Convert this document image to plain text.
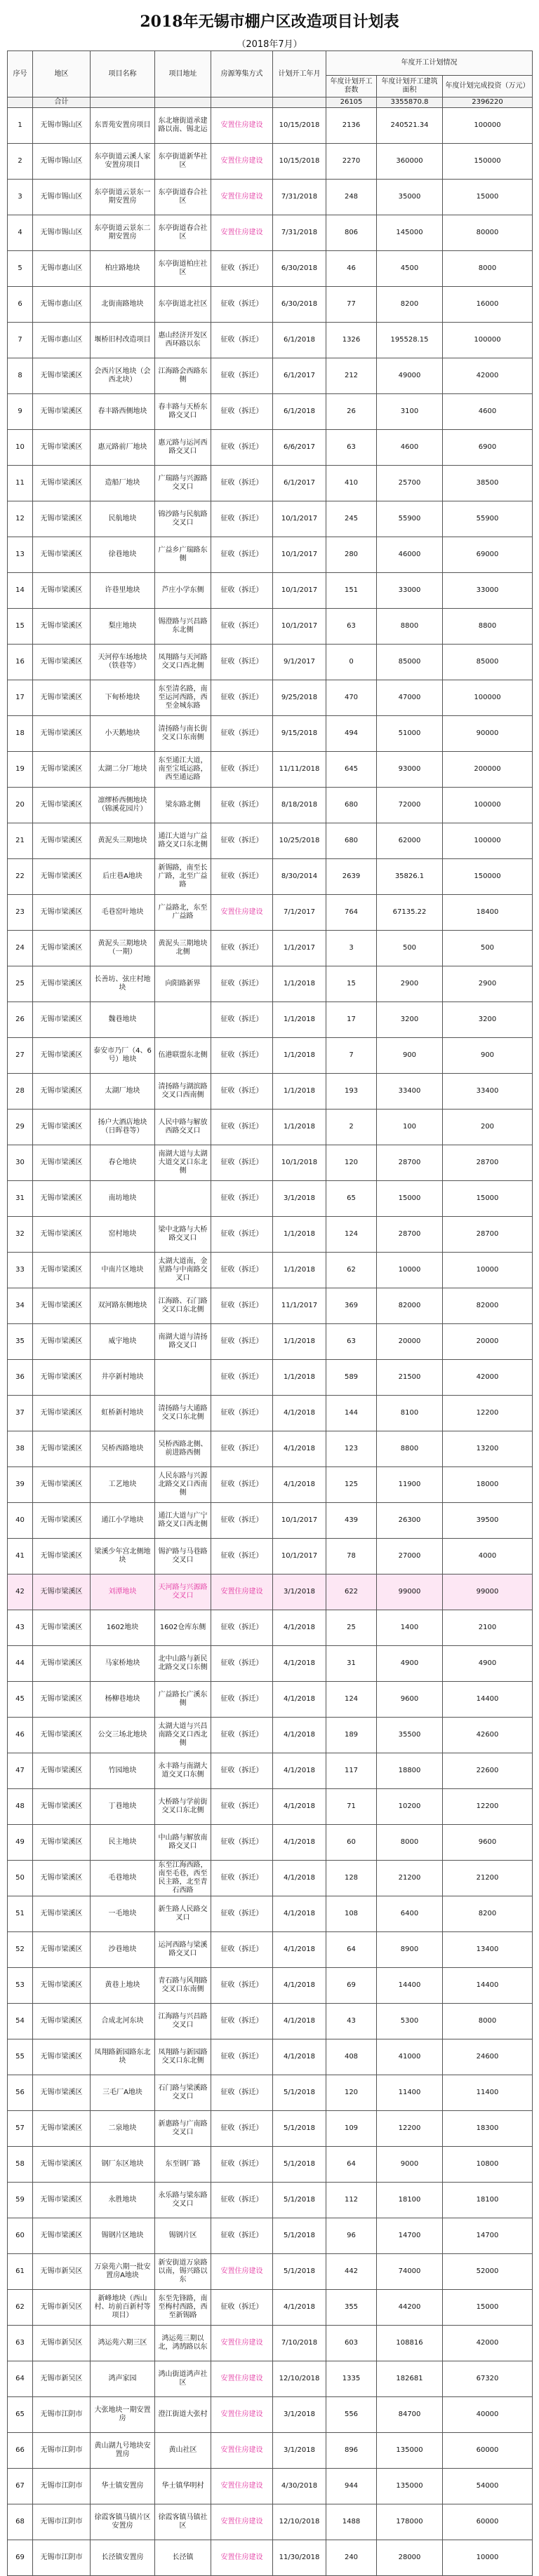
2018年无锡市棚户区改造项目计划表
（2018年7月）
序号	地区	项目名称	项目地址	房源筹集方式	计划开工年月	年度开工计划情况		
						年度计划开工套数	年度计划开工建筑面积	年度计划完成投资（万元）
	合计					26105	3355870.8	2396220
1	无锡市锡山区	东晋苑安置房项目	东北塘街道承建路以南、锡北运	安置住房建设	10/15/2018	2136	240521.34	100000
2	无锡市锡山区	东亭街道云溪人家安置房项目	东亭街道新华社区	安置住房建设	10/15/2018	2270	360000	150000
3	无锡市锡山区	东亭街道云景东一期安置房	东亭街道春合社区	安置住房建设	7/31/2018	248	35000	15000
4	无锡市锡山区	东亭街道云景东二期安置房	东亭街道春合社区	安置住房建设	7/31/2018	806	145000	80000
5	无锡市惠山区	柏庄路地块	东亭街道柏庄社区	征收（拆迁）	6/30/2018	46	4500	8000
6	无锡市惠山区	北街南路地块	东亭街道北社区	征收（拆迁）	6/30/2018	77	8200	16000
7	无锡市惠山区	堰桥旧村改造项目	惠山经济开发区西环路以东	征收（拆迁）	6/1/2018	1326	195528.15	100000
8	无锡市梁溪区	会西片区地块（会西北块）	江海路会西路东侧	征收（拆迁）	6/1/2017	212	49000	42000
9	无锡市梁溪区	春丰路西侧地块	春丰路与天桥东路交叉口	征收（拆迁）	6/1/2018	26	3100	4600
10	无锡市梁溪区	惠元路前厂地块	惠元路与运河西路交叉口	征收（拆迁）	6/6/2017	63	4600	6900
11	无锡市梁溪区	造船厂地块	广瑞路与兴源路交叉口	征收（拆迁）	6/1/2017	410	25700	38500
12	无锡市梁溪区	民航地块	锦沙路与民航路交叉口	征收（拆迁）	10/1/2017	245	55900	55900
13	无锡市梁溪区	徐巷地块	广益乡广瑞路东侧	征收（拆迁）	10/1/2017	280	46000	69000
14	无锡市梁溪区	许巷里地块	芦庄小学东侧	征收（拆迁）	10/1/2017	151	33000	33000
15	无锡市梁溪区	梨庄地块	锡澄路与兴昌路东北侧	征收（拆迁）	10/1/2017	63	8800	8800
16	无锡市梁溪区	天河停车场地块（铁巷等）	凤翔路与天河路交叉口西北侧	征收（拆迁）	9/1/2017	0	85000	85000
17	无锡市梁溪区	下甸桥地块	东至清名路，南至运河西路，西至金城东路	征收（拆迁）	9/25/2018	470	47000	100000
18	无锡市梁溪区	小天鹅地块	清扬路与南长街交叉口东南侧	征收（拆迁）	9/15/2018	494	51000	90000
19	无锡市梁溪区	太湖二分厂地块	东至通江大道，南至宝坻运路，西至通运路	征收（拆迁）	11/11/2018	645	93000	200000
20	无锡市梁溪区	凛缪桥西侧地块（锦溪花园片）	梁东路北侧	征收（拆迁）	8/18/2018	680	72000	100000
21	无锡市梁溪区	黄泥头三期地块	通江大道与广益路交叉口东北侧	征收（拆迁）	10/25/2018	680	62000	100000
22	无锡市梁溪区	后庄巷A地块	新锡路，南至长广路，北至广益路	征收（拆迁）	8/30/2014	2639	35826.1	150000
23	无锡市梁溪区	毛巷窑叶地块	广益路北，东至广益路	安置住房建设	7/1/2017	764	67135.22	18400
24	无锡市梁溪区	黄泥头三期地块（一期）	黄泥头三期地块北侧	征收（拆迁）	1/1/2017	3	500	500
25	无锡市梁溪区	长善坊、弦庄村地块	向阳路新界	征收（拆迁）	1/1/2018	15	2900	2900
26	无锡市梁溪区	魏巷地块		征收（拆迁）	1/1/2018	17	3200	3200
27	无锡市梁溪区	泰安市乃厂（4、6号）地块	伍港联盟东北侧	征收（拆迁）	1/1/2018	7	900	900
28	无锡市梁溪区	太湖厂地块	清扬路与湖滨路交叉口西南侧	征收（拆迁）	1/1/2018	193	33400	33400
29	无锡市梁溪区	扬户大酒店地块（日晖巷等）	人民中路与解放西路交叉口	征收（拆迁）	1/1/2018	2	100	200
30	无锡市梁溪区	春仑地块	南湖大道与太湖大道交叉口东北侧	征收（拆迁）	10/1/2018	120	28700	28700
31	无锡市梁溪区	南坊地块		征收（拆迁）	3/1/2018	65	15000	15000
32	无锡市梁溪区	窑村地块	梁中北路与大桥路交叉口	征收（拆迁）	1/1/2018	124	28700	28700
33	无锡市梁溪区	中南片区地块	太湖大道南，金星路与中南路交叉口	征收（拆迁）	1/1/2018	62	10000	10000
34	无锡市梁溪区	双河路东侧地块	江海路、石门路交叉口东北侧	征收（拆迁）	11/1/2017	369	82000	82000
35	无锡市梁溪区	威宇地块	南湖大道与清扬路交叉口	征收（拆迁）	1/1/2018	63	20000	20000
36	无锡市梁溪区	井亭新村地块		征收（拆迁）	1/1/2018	589	21500	42000
37	无锡市梁溪区	虹桥新村地块	清扬路与大通路交叉口东北侧	征收（拆迁）	4/1/2018	144	8100	12200
38	无锡市梁溪区	吴桥西路地块	吴桥西路北侧、前进路西侧	征收（拆迁）	4/1/2018	123	8800	13200
39	无锡市梁溪区	工艺地块	人民东路与兴源北路交叉口西南侧	征收（拆迁）	4/1/2018	125	11900	18000
40	无锡市梁溪区	通江小学地块	通江大道与广宁路交叉口西北侧	征收（拆迁）	10/1/2017	439	26300	39500
41	无锡市梁溪区	梁溪少年宫北侧地块	锡沪路与马巷路交叉口	征收（拆迁）	10/1/2017	78	27000	4000
42	无锡市梁溪区	刘潭地块	天河路与兴源路交叉口	安置住房建设	3/1/2018	622	99000	99000
43	无锡市梁溪区	1602地块	1602仓库东侧	征收（拆迁）	4/1/2018	25	1400	2100
44	无锡市梁溪区	马家桥地块	北中山路与新民北路交叉口东侧	征收（拆迁）	4/1/2018	31	4900	4900
45	无锡市梁溪区	杨柳巷地块	广益路长广溪东侧	征收（拆迁）	4/1/2018	124	9600	14400
46	无锡市梁溪区	公交三场北地块	太湖大道与兴昌南路交叉口西北侧	征收（拆迁）	4/1/2018	189	35500	42600
47	无锡市梁溪区	竹园地块	永丰路与南湖大道交叉口东侧	征收（拆迁）	4/1/2018	117	18800	22600
48	无锡市梁溪区	丁巷地块	大桥路与学前街交叉口东北侧	征收（拆迁）	4/1/2018	71	10200	12200
49	无锡市梁溪区	民主地块	中山路与解放南路交叉口	征收（拆迁）	4/1/2018	60	8000	9600
50	无锡市梁溪区	毛巷地块	东至江海西路，南至毛巷，西至民主路，北至青石西路	征收（拆迁）	4/1/2018	128	21200	21200
51	无锡市梁溪区	一毛地块	新生路人民路交叉口	征收（拆迁）	4/1/2018	108	6400	8200
52	无锡市梁溪区	沙巷地块	运河西路与梁溪路交叉口	征收（拆迁）	4/1/2018	64	8900	13400
53	无锡市梁溪区	黄巷上地块	青石路与风翔路交叉口东南侧	征收（拆迁）	4/1/2018	69	14400	14400
54	无锡市梁溪区	合成北河东块	江海路与兴昌路交叉口	征收（拆迁）	4/1/2018	43	5300	8000
55	无锡市梁溪区	凤翔路新园路东北块	凤翔路与新园路交叉口东北侧	征收（拆迁）	4/1/2018	408	41000	24600
56	无锡市梁溪区	三毛厂A地块	石门路与梁溪路交叉口	征收（拆迁）	5/1/2018	120	11400	11400
57	无锡市梁溪区	二泉地块	新惠路与广南路交叉口	征收（拆迁）	5/1/2018	109	12200	18300
58	无锡市梁溪区	钢厂东区地块	东至钢厂路	征收（拆迁）	5/1/2018	64	9000	10800
59	无锡市梁溪区	永胜地块	永乐路与梁东路交叉口	征收（拆迁）	5/1/2018	112	18100	18100
60	无锡市梁溪区	锡钢片区地块	锡钢片区	征收（拆迁）	5/1/2018	96	14700	14700
61	无锡市新吴区	万泉苑六期一批安置房A地块	新安街道万泉路以南，锡兴路以东	安置住房建设	5/1/2018	442	74000	52000
62	无锡市新吴区	新峰地块（西山村、坊前百新村等项目）	东至先锋路，南至梅村西路，西至新锡路	征收（拆迁）	4/1/2018	355	44200	15000
63	无锡市新吴区	鸿运苑六期三区	鸿运苑三期以北，鸿鹄路以东	安置住房建设	7/10/2018	603	108816	42000
64	无锡市新吴区	鸿声家园	鸿山街道鸿声社区	安置住房建设	12/10/2018	1335	182681	67320
65	无锡市江阴市	大张地块一期安置房	澄江街道大张村	安置住房建设	3/1/2018	556	84700	40000
66	无锡市江阴市	黄山湖九号地块安置房	黄山社区	安置住房建设	3/1/2018	896	135000	60000
67	无锡市江阴市	华士镇安置房	华士镇华明村	安置住房建设	4/30/2018	944	135000	54000
68	无锡市江阴市	徐霞客镇马镇片区安置房	徐霞客镇马镇社区	安置住房建设	12/10/2018	1488	178000	60000
69	无锡市江阴市	长泾镇安置房	长泾镇	安置住房建设	11/30/2018	240	28000	10000
